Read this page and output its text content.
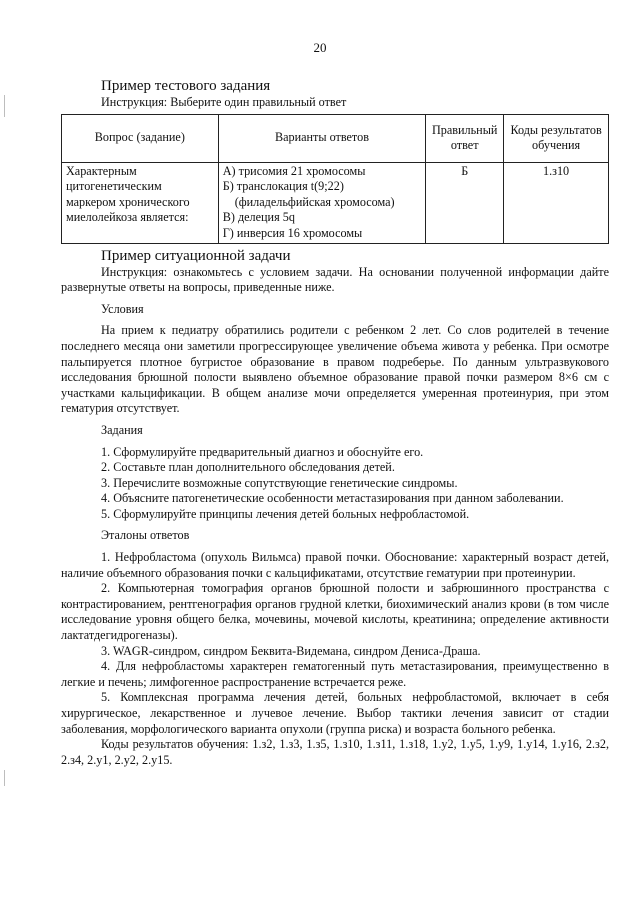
20
Пример тестового задания
Инструкция: Выберите один правильный ответ
Вопрос (задание)	Варианты ответов	Правильный ответ	Коды результатов обучения
Характерным цитогенетическим маркером хронического миелолейкоза является:	А) трисомия 21 хромосомы
Б) транслокация t(9;22)
(филадельфийская хромосома)
В) делеция 5q
Г) инверсия 16 хромосомы	Б	1.з10
Пример ситуационной задачи

Инструкция: ознакомьтесь с условием задачи. На основании полученной информации дайте развернутые ответы на вопросы, приведенные ниже.

Условия

На прием к педиатру обратились родители с ребенком 2 лет. Со слов родителей в течение последнего месяца они заметили прогрессирующее увеличение объема живота у ребенка. При осмотре пальпируется плотное бугристое образование в правом подреберье. По данным ультразвукового исследования брюшной полости выявлено объемное образование правой почки размером 8×6 см с участками кальцификации. В общем анализе мочи определяется умеренная протеинурия, при этом гематурия отсутствует.

Задания

1. Сформулируйте предварительный диагноз и обоснуйте его.

2. Составьте план дополнительного обследования детей.

3. Перечислите возможные сопутствующие генетические синдромы.

4. Объясните патогенетические особенности метастазирования при данном заболевании.

5. Сформулируйте принципы лечения детей больных нефробластомой.

Эталоны ответов

1. Нефробластома (опухоль Вильмса) правой почки. Обоснование: характерный возраст детей, наличие объемного образования почки с кальцификатами, отсутствие гематурии при протеинурии.

2. Компьютерная томография органов брюшной полости и забрюшинного пространства с контрастированием, рентгенография органов грудной клетки, биохимический анализ крови (в том числе исследование уровня общего белка, мочевины, мочевой кислоты, креатинина; определение активности лактатдегидрогеназы).

3. WAGR-синдром, синдром Беквита-Видемана, синдром Дениса-Драша.

4. Для нефробластомы характерен гематогенный путь метастазирования, преимущественно в легкие и печень; лимфогенное распространение встречается реже.

5. Комплексная программа лечения детей, больных нефробластомой, включает в себя хирургическое, лекарственное и лучевое лечение. Выбор тактики лечения зависит от стадии заболевания, морфологического варианта опухоли (группа риска) и возраста больного ребенка.

Коды результатов обучения: 1.з2, 1.з3, 1.з5, 1.з10, 1.з11, 1.з18, 1.у2, 1.у5, 1.у9, 1.у14, 1.у16, 2.з2, 2.з4, 2.у1, 2.у2, 2.у15.
